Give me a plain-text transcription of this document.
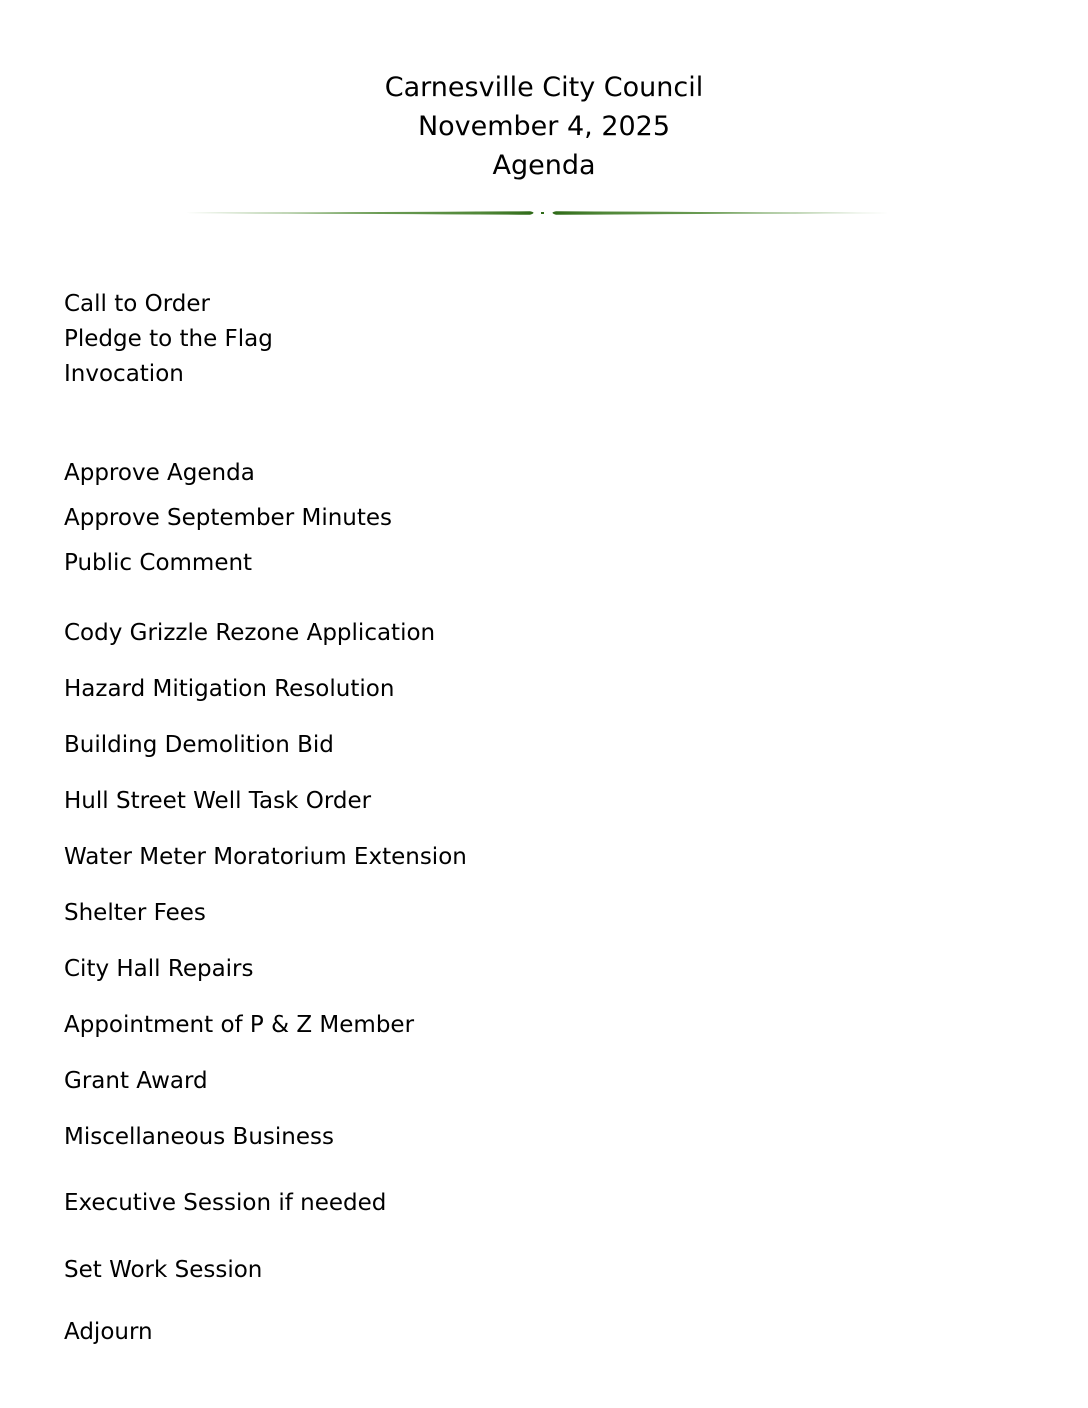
Carnesville City Council
November 4, 2025
Agenda
Call to Order
Pledge to the Flag
Invocation
Approve Agenda
Approve September Minutes
Public Comment
Cody Grizzle Rezone Application
Hazard Mitigation Resolution
Building Demolition Bid
Hull Street Well Task Order
Water Meter Moratorium Extension
Shelter Fees
City Hall Repairs
Appointment of P & Z Member
Grant Award
Miscellaneous Business
Executive Session if needed
Set Work Session
Adjourn
